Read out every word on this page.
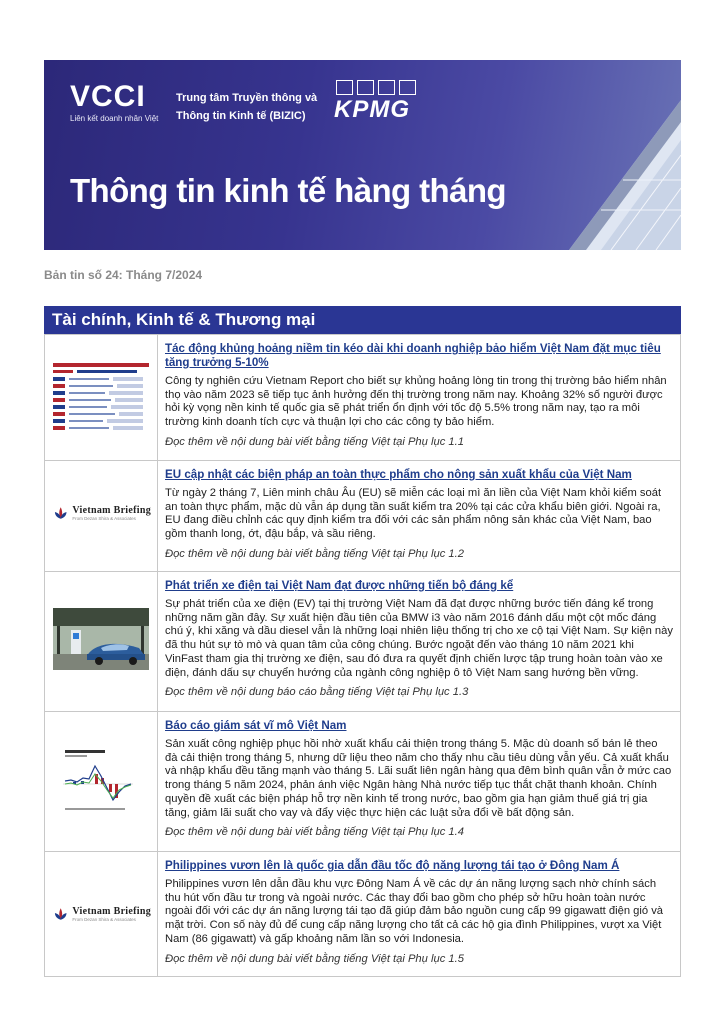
VCCI
Liên kết doanh nhân Việt
Trung tâm Truyền thông và
Thông tin Kinh tế (BIZIC)	KPMG
Thông tin kinh tế hàng tháng
Bản tin số 24: Tháng 7/2024
Tài chính, Kinh tế & Thương mại
Tác động khủng hoảng niềm tin kéo dài khi doanh nghiệp bảo hiểm Việt Nam đặt mục tiêu tăng trưởng 5-10%

Công ty nghiên cứu Vietnam Report cho biết sự khủng hoảng lòng tin trong thị trường bảo hiểm nhân thọ vào năm 2023 sẽ tiếp tục ảnh hưởng đến thị trường trong năm nay. Khoảng 32% số người được hỏi kỳ vọng nền kinh tế quốc gia sẽ phát triển ổn định với tốc độ 5.5% trong năm nay, tạo ra môi trường kinh doanh tích cực và thuận lợi cho các công ty bảo hiểm.

Đọc thêm về nội dung bài viết bằng tiếng Việt tại Phụ lục 1.1
Vietnam Briefing
From Dezan Shira & Associates
EU cập nhật các biện pháp an toàn thực phẩm cho nông sản xuất khẩu của Việt Nam

Từ ngày 2 tháng 7, Liên minh châu Âu (EU) sẽ miễn các loại mì ăn liền của Việt Nam khỏi kiểm soát an toàn thực phẩm, mặc dù vẫn áp dụng tần suất kiểm tra 20% tại các cửa khẩu biên giới. Ngoài ra, EU đang điều chỉnh các quy định kiểm tra đối với các sản phẩm nông sản khác của Việt Nam, bao gồm thanh long, ớt, đậu bắp, và sầu riêng.

Đọc thêm về nội dung bài viết bằng tiếng Việt tại Phụ lục 1.2
Phát triển xe điện tại Việt Nam đạt được những tiến bộ đáng kể

Sự phát triển của xe điện (EV) tại thị trường Việt Nam đã đạt được những bước tiến đáng kể trong những năm gần đây. Sự xuất hiện đầu tiên của BMW i3 vào năm 2016 đánh dấu một cột mốc đáng chú ý, khi xăng và dầu diesel vẫn là những loại nhiên liệu thống trị cho xe cộ tại Việt Nam. Sự kiện này đã thu hút sự tò mò và quan tâm của công chúng. Bước ngoặt đến vào tháng 10 năm 2021 khi VinFast tham gia thị trường xe điện, sau đó đưa ra quyết định chiến lược tập trung hoàn toàn vào xe điện, đánh dấu sự chuyển hướng của ngành công nghiệp ô tô Việt Nam sang hướng bền vững.

Đọc thêm về nội dung báo cáo bằng tiếng Việt tại Phụ lục 1.3
Báo cáo giám sát vĩ mô Việt Nam

Sản xuất công nghiệp phục hồi nhờ xuất khẩu cải thiện trong tháng 5. Mặc dù doanh số bán lẻ theo đà cải thiện trong tháng 5, nhưng dữ liệu theo năm cho thấy nhu cầu tiêu dùng vẫn yếu. Cả xuất khẩu và nhập khẩu đều tăng mạnh vào tháng 5. Lãi suất liên ngân hàng qua đêm bình quân vẫn ở mức cao trong tháng 5 năm 2024, phản ánh việc Ngân hàng Nhà nước tiếp tục thắt chặt thanh khoản. Chính quyền đề xuất các biện pháp hỗ trợ nền kinh tế trong nước, bao gồm gia hạn giảm thuế giá trị gia tăng, giảm lãi suất cho vay và đẩy việc thực hiện các luật sửa đổi về bất động sản.

Đọc thêm về nội dung bài viết bằng tiếng Việt tại Phụ lục 1.4
Vietnam Briefing
From Dezan Shira & Associates
Philippines vươn lên là quốc gia dẫn đầu tốc độ năng lượng tái tạo ở Đông Nam Á

Philippines vươn lên dẫn đầu khu vực Đông Nam Á về các dự án năng lượng sạch nhờ chính sách thu hút vốn đầu tư trong và ngoài nước. Các thay đổi bao gồm cho phép sở hữu hoàn toàn nước ngoài đối với các dự án năng lượng tái tạo đã giúp đảm bảo nguồn cung cấp 99 gigawatt điện gió và mặt trời. Con số này đủ để cung cấp năng lượng cho tất cả các hộ gia đình Philippines, vượt xa Việt Nam (86 gigawatt) và gấp khoảng năm lần so với Indonesia.

Đọc thêm về nội dung bài viết bằng tiếng Việt tại Phụ lục 1.5
